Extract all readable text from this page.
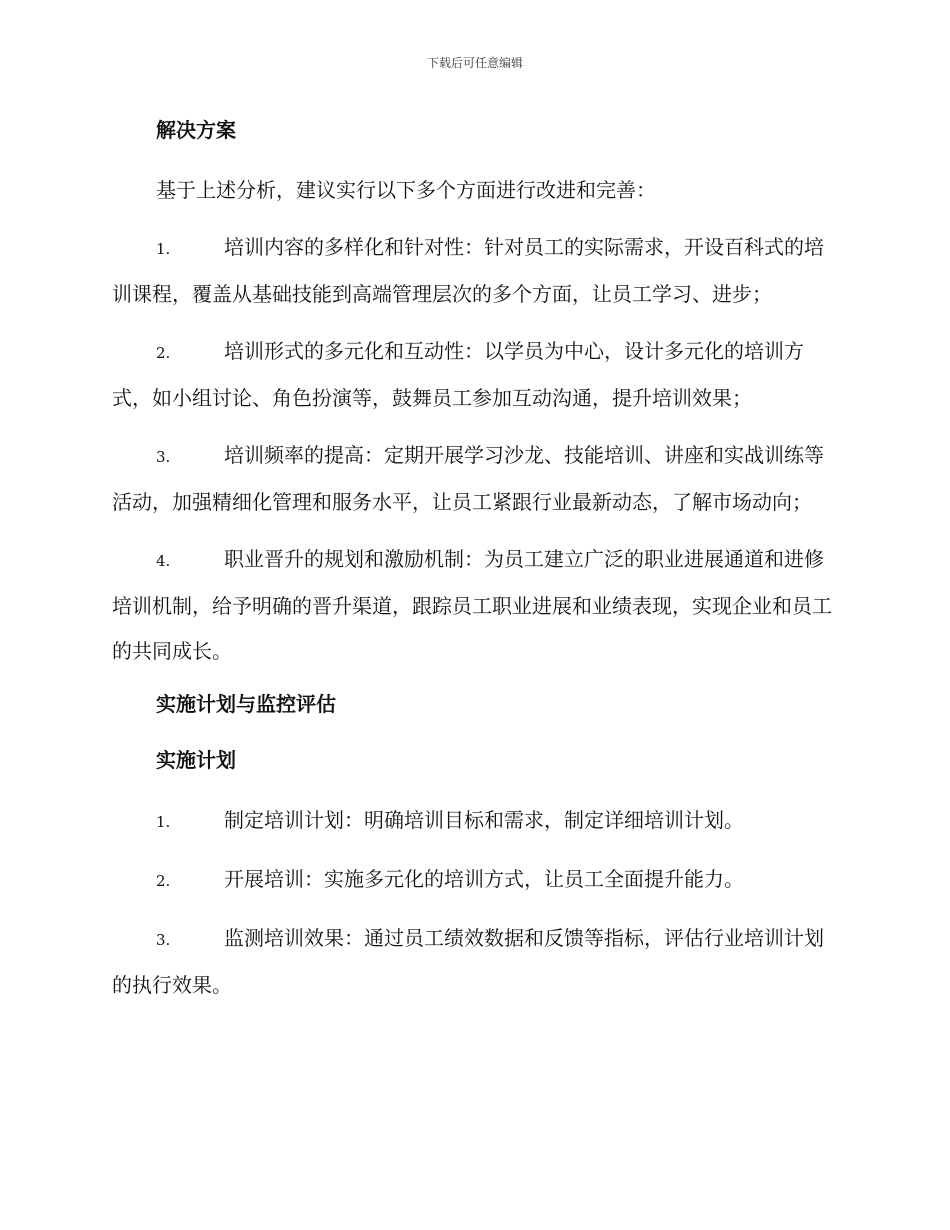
下载后可任意编辑
解决方案

基于上述分析，建议实行以下多个方面进行改进和完善：

1.	培训内容的多样化和针对性：针对员工的实际需求，开设百科式的培训课程，覆盖从基础技能到高端管理层次的多个方面，让员工学习、进步；

2.	培训形式的多元化和互动性：以学员为中心，设计多元化的培训方式，如小组讨论、角色扮演等，鼓舞员工参加互动沟通，提升培训效果；

3.	培训频率的提高：定期开展学习沙龙、技能培训、讲座和实战训练等活动，加强精细化管理和服务水平，让员工紧跟行业最新动态，了解市场动向；

4.	职业晋升的规划和激励机制：为员工建立广泛的职业进展通道和进修培训机制，给予明确的晋升渠道，跟踪员工职业进展和业绩表现，实现企业和员工的共同成长。

实施计划与监控评估
实施计划

1.	制定培训计划：明确培训目标和需求，制定详细培训计划。

2.	开展培训：实施多元化的培训方式，让员工全面提升能力。

3.	监测培训效果：通过员工绩效数据和反馈等指标，评估行业培训计划的执行效果。
